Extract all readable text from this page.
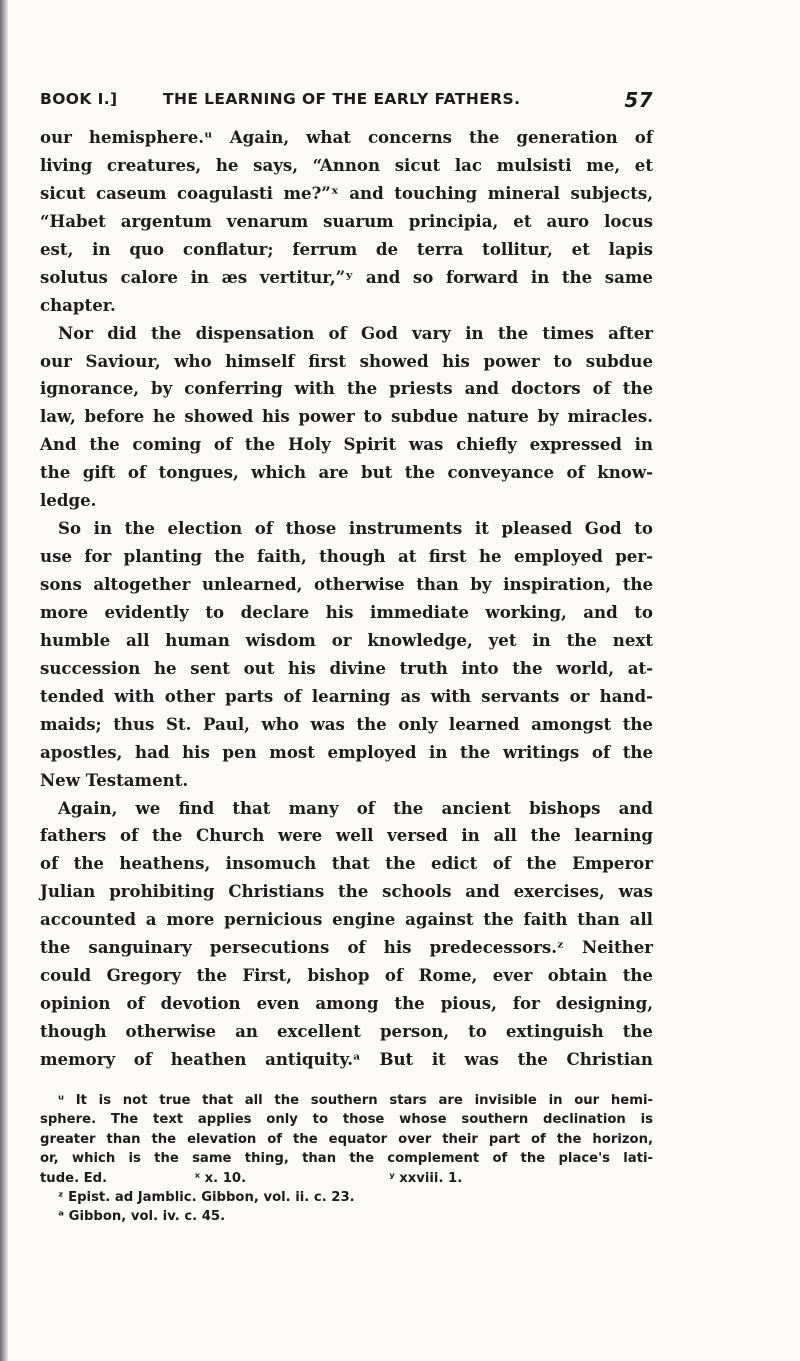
BOOK I.]	THE LEARNING OF THE EARLY FATHERS.	57
our hemisphere.ᵘ Again, what concerns the generation of
living creatures, he says, “Annon sicut lac mulsisti me, et
sicut caseum coagulasti me?”ˣ and touching mineral subjects,
“Habet argentum venarum suarum principia, et auro locus
est, in quo conflatur; ferrum de terra tollitur, et lapis
solutus calore in æs vertitur,”ʸ and so forward in the same
chapter.
Nor did the dispensation of God vary in the times after
our Saviour, who himself first showed his power to subdue
ignorance, by conferring with the priests and doctors of the
law, before he showed his power to subdue nature by miracles.
And the coming of the Holy Spirit was chiefly expressed in
the gift of tongues, which are but the conveyance of know-
ledge.
So in the election of those instruments it pleased God to
use for planting the faith, though at first he employed per-
sons altogether unlearned, otherwise than by inspiration, the
more evidently to declare his immediate working, and to
humble all human wisdom or knowledge, yet in the next
succession he sent out his divine truth into the world, at-
tended with other parts of learning as with servants or hand-
maids; thus St. Paul, who was the only learned amongst the
apostles, had his pen most employed in the writings of the
New Testament.
Again, we find that many of the ancient bishops and
fathers of the Church were well versed in all the learning
of the heathens, insomuch that the edict of the Emperor
Julian prohibiting Christians the schools and exercises, was
accounted a more pernicious engine against the faith than all
the sanguinary persecutions of his predecessors.ᶻ Neither
could Gregory the First, bishop of Rome, ever obtain the
opinion of devotion even among the pious, for designing,
though otherwise an excellent person, to extinguish the
memory of heathen antiquity.ᵃ But it was the Christian
ᵘ It is not true that all the southern stars are invisible in our hemi-
sphere. The text applies only to those whose southern declination is
greater than the elevation of the equator over their part of the horizon,
or, which is the same thing, than the complement of the place's lati-
tude. Ed.	ˣ x. 10.	ʸ xxviii. 1.
ᶻ Epist. ad Jamblic. Gibbon, vol. ii. c. 23.
ᵃ Gibbon, vol. iv. c. 45.
